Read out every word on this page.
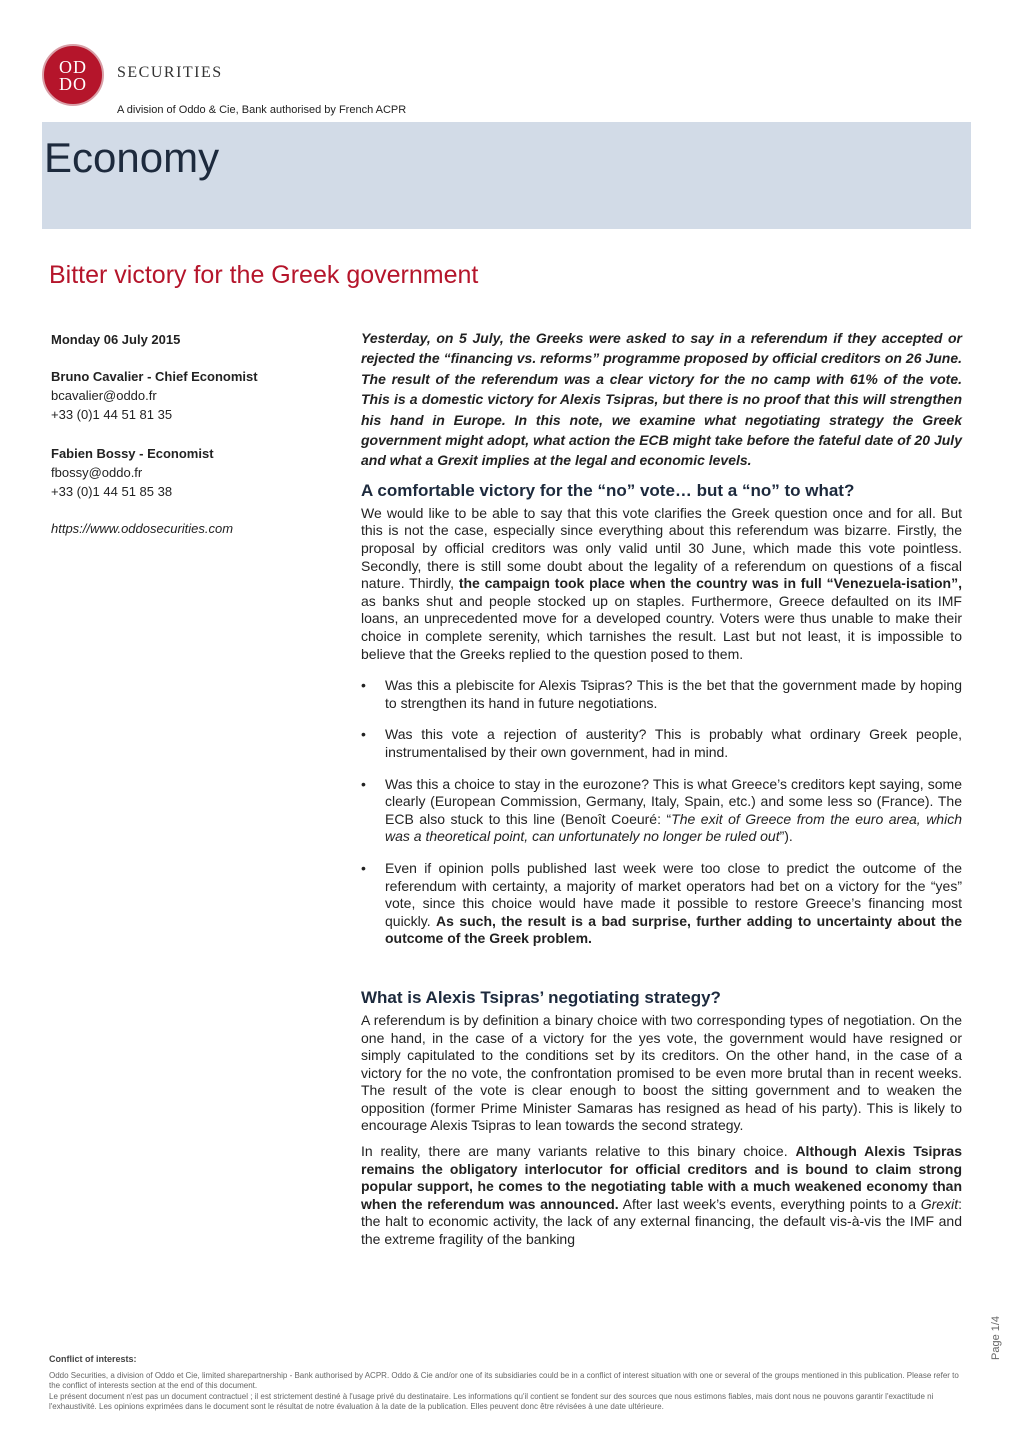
OD
DO
SECURITIES
A division of Oddo & Cie, Bank authorised by French ACPR
Economy
Bitter victory for the Greek government

Monday 06 July 2015

Bruno Cavalier - Chief Economist

bcavalier@oddo.fr

+33 (0)1 44 51 81 35

Fabien Bossy - Economist

fbossy@oddo.fr

+33 (0)1 44 51 85 38

https://www.oddosecurities.com

Yesterday, on 5 July, the Greeks were asked to say in a referendum if they accepted or rejected the “financing vs. reforms” programme proposed by official creditors on 26 June. The result of the referendum was a clear victory for the no camp with 61% of the vote. This is a domestic victory for Alexis Tsipras, but there is no proof that this will strengthen his hand in Europe. In this note, we examine what negotiating strategy the Greek government might adopt, what action the ECB might take before the fateful date of 20 July and what a Grexit implies at the legal and economic levels.

A comfortable victory for the “no” vote… but a “no” to what?

We would like to be able to say that this vote clarifies the Greek question once and for all. But this is not the case, especially since everything about this referendum was bizarre. Firstly, the proposal by official creditors was only valid until 30 June, which made this vote pointless. Secondly, there is still some doubt about the legality of a referendum on questions of a fiscal nature. Thirdly, the campaign took place when the country was in full “Venezuela-isation”, as banks shut and people stocked up on staples. Furthermore, Greece defaulted on its IMF loans, an unprecedented move for a developed country. Voters were thus unable to make their choice in complete serenity, which tarnishes the result. Last but not least, it is impossible to believe that the Greeks replied to the question posed to them.

• Was this a plebiscite for Alexis Tsipras? This is the bet that the government made by hoping to strengthen its hand in future negotiations.
• Was this vote a rejection of austerity? This is probably what ordinary Greek people, instrumentalised by their own government, had in mind.
• Was this a choice to stay in the eurozone? This is what Greece’s creditors kept saying, some clearly (European Commission, Germany, Italy, Spain, etc.) and some less so (France). The ECB also stuck to this line (Benoît Coeuré: “The exit of Greece from the euro area, which was a theoretical point, can unfortunately no longer be ruled out”).
• Even if opinion polls published last week were too close to predict the outcome of the referendum with certainty, a majority of market operators had bet on a victory for the “yes” vote, since this choice would have made it possible to restore Greece’s financing most quickly. As such, the result is a bad surprise, further adding to uncertainty about the outcome of the Greek problem.
What is Alexis Tsipras’ negotiating strategy?

A referendum is by definition a binary choice with two corresponding types of negotiation. On the one hand, in the case of a victory for the yes vote, the government would have resigned or simply capitulated to the conditions set by its creditors. On the other hand, in the case of a victory for the no vote, the confrontation promised to be even more brutal than in recent weeks. The result of the vote is clear enough to boost the sitting government and to weaken the opposition (former Prime Minister Samaras has resigned as head of his party). This is likely to encourage Alexis Tsipras to lean towards the second strategy.

In reality, there are many variants relative to this binary choice. Although Alexis Tsipras remains the obligatory interlocutor for official creditors and is bound to claim strong popular support, he comes to the negotiating table with a much weakened economy than when the referendum was announced. After last week’s events, everything points to a Grexit: the halt to economic activity, the lack of any external financing, the default vis-à-vis the IMF and the extreme fragility of the banking

Page 1/4

Conflict of interests:

Oddo Securities, a division of Oddo et Cie, limited sharepartnership - Bank authorised by ACPR. Oddo & Cie and/or one of its subsidiaries could be in a conflict of interest situation with one or several of the groups mentioned in this publication. Please refer to the conflict of interests section at the end of this document.

Le présent document n'est pas un document contractuel ; il est strictement destiné à l'usage privé du destinataire. Les informations qu'il contient se fondent sur des sources que nous estimons fiables, mais dont nous ne pouvons garantir l'exactitude ni l'exhaustivité. Les opinions exprimées dans le document sont le résultat de notre évaluation à la date de la publication. Elles peuvent donc être révisées à une date ultérieure.
